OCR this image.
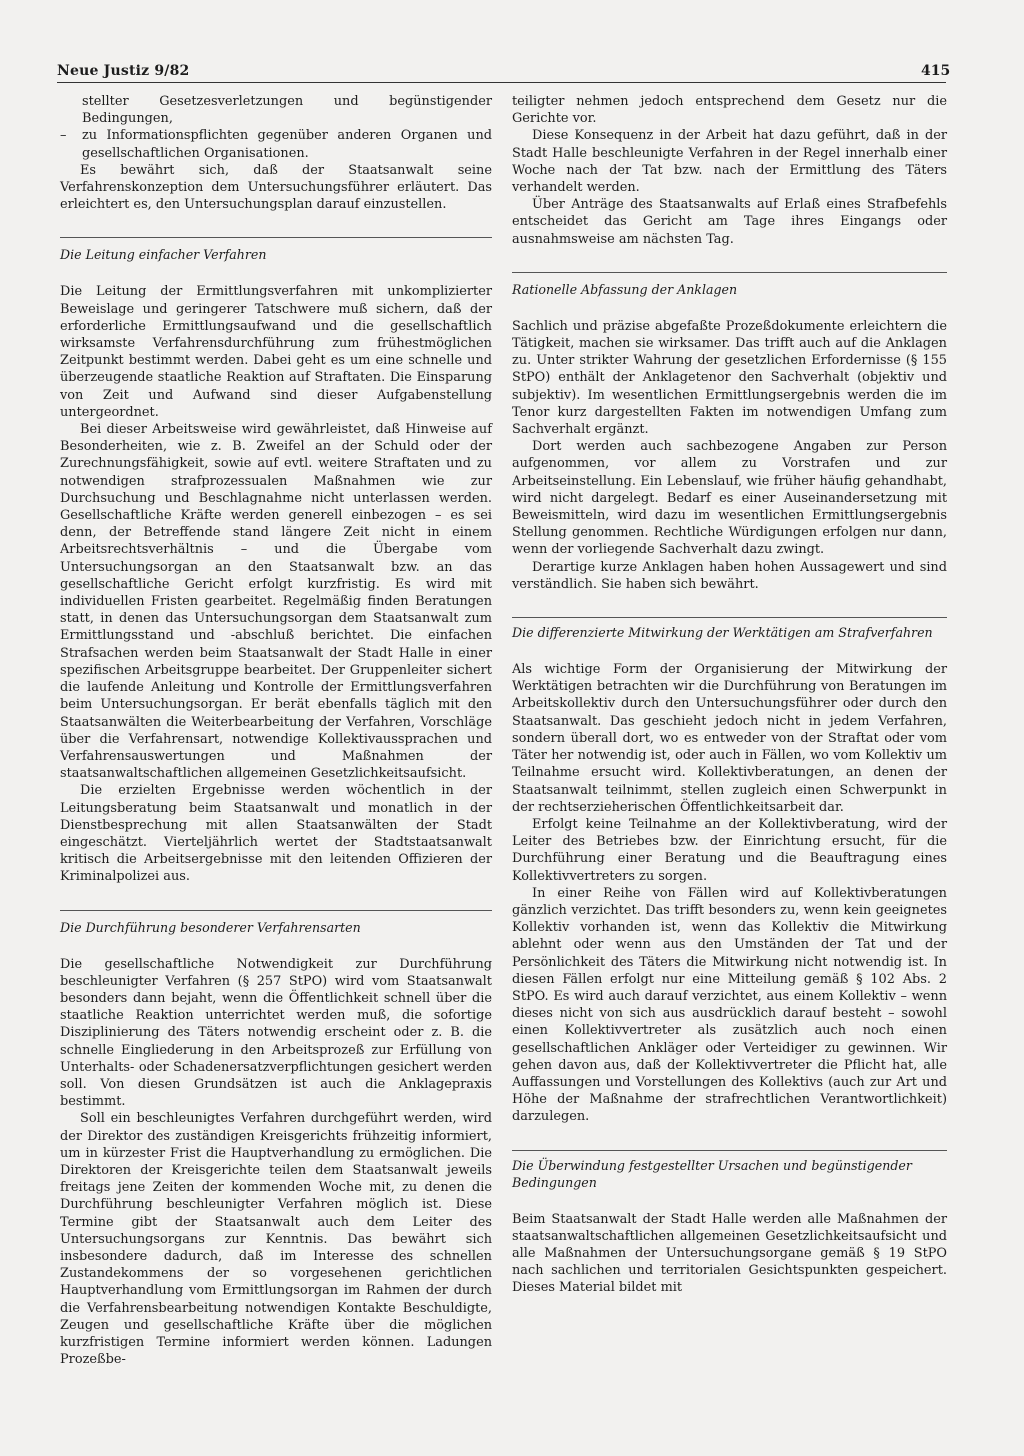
Neue Justiz 9/82	415

stellter Gesetzesverletzungen und begünstigender Bedingungen,

–	zu Informationspflichten gegenüber anderen Organen und gesellschaftlichen Organisationen.

Es bewährt sich, daß der Staatsanwalt seine Verfahrenskonzeption dem Untersuchungsführer erläutert. Das erleichtert es, den Untersuchungsplan darauf einzustellen.

Die Leitung einfacher Verfahren

Die Leitung der Ermittlungsverfahren mit unkomplizierter Beweislage und geringerer Tatschwere muß sichern, daß der erforderliche Ermittlungsaufwand und die gesellschaftlich wirksamste Verfahrensdurchführung zum frühestmöglichen Zeitpunkt bestimmt werden. Dabei geht es um eine schnelle und überzeugende staatliche Reaktion auf Straftaten. Die Einsparung von Zeit und Aufwand sind dieser Aufgabenstellung untergeordnet.

Bei dieser Arbeitsweise wird gewährleistet, daß Hinweise auf Besonderheiten, wie z. B. Zweifel an der Schuld oder der Zurechnungsfähigkeit, sowie auf evtl. weitere Straftaten und zu notwendigen strafprozessualen Maßnahmen wie zur Durchsuchung und Beschlagnahme nicht unterlassen werden. Gesellschaftliche Kräfte werden generell einbezogen – es sei denn, der Betreffende stand längere Zeit nicht in einem Arbeitsrechtsverhältnis – und die Übergabe vom Untersuchungsorgan an den Staatsanwalt bzw. an das gesellschaftliche Gericht erfolgt kurzfristig. Es wird mit individuellen Fristen gearbeitet. Regelmäßig finden Beratungen statt, in denen das Untersuchungsorgan dem Staatsanwalt zum Ermittlungsstand und -abschluß berichtet. Die einfachen Strafsachen werden beim Staatsanwalt der Stadt Halle in einer spezifischen Arbeitsgruppe bearbeitet. Der Gruppenleiter sichert die laufende Anleitung und Kontrolle der Ermittlungsverfahren beim Untersuchungsorgan. Er berät ebenfalls täglich mit den Staatsanwälten die Weiterbearbeitung der Verfahren, Vorschläge über die Verfahrensart, notwendige Kollektivaussprachen und Verfahrensauswertungen und Maßnahmen der staatsanwaltschaftlichen allgemeinen Gesetzlichkeitsaufsicht.

Die erzielten Ergebnisse werden wöchentlich in der Leitungsberatung beim Staatsanwalt und monatlich in der Dienstbesprechung mit allen Staatsanwälten der Stadt eingeschätzt. Vierteljährlich wertet der Stadtstaatsanwalt kritisch die Arbeitsergebnisse mit den leitenden Offizieren der Kriminalpolizei aus.

Die Durchführung besonderer Verfahrensarten

Die gesellschaftliche Notwendigkeit zur Durchführung beschleunigter Verfahren (§ 257 StPO) wird vom Staatsanwalt besonders dann bejaht, wenn die Öffentlichkeit schnell über die staatliche Reaktion unterrichtet werden muß, die sofortige Disziplinierung des Täters notwendig erscheint oder z. B. die schnelle Eingliederung in den Arbeitsprozeß zur Erfüllung von Unterhalts- oder Schadenersatzverpflichtungen gesichert werden soll. Von diesen Grundsätzen ist auch die Anklagepraxis bestimmt.

Soll ein beschleunigtes Verfahren durchgeführt werden, wird der Direktor des zuständigen Kreisgerichts frühzeitig informiert, um in kürzester Frist die Hauptverhandlung zu ermöglichen. Die Direktoren der Kreisgerichte teilen dem Staatsanwalt jeweils freitags jene Zeiten der kommenden Woche mit, zu denen die Durchführung beschleunigter Verfahren möglich ist. Diese Termine gibt der Staatsanwalt auch dem Leiter des Untersuchungsorgans zur Kenntnis. Das bewährt sich insbesondere dadurch, daß im Interesse des schnellen Zustandekommens der so vorgesehenen gerichtlichen Hauptverhandlung vom Ermittlungsorgan im Rahmen der durch die Verfahrensbearbeitung notwendigen Kontakte Beschuldigte, Zeugen und gesellschaftliche Kräfte über die möglichen kurzfristigen Termine informiert werden können. Ladungen Prozeßbe-

teiligter nehmen jedoch entsprechend dem Gesetz nur die Gerichte vor.

Diese Konsequenz in der Arbeit hat dazu geführt, daß in der Stadt Halle beschleunigte Verfahren in der Regel innerhalb einer Woche nach der Tat bzw. nach der Ermittlung des Täters verhandelt werden.

Über Anträge des Staatsanwalts auf Erlaß eines Strafbefehls entscheidet das Gericht am Tage ihres Eingangs oder ausnahmsweise am nächsten Tag.

Rationelle Abfassung der Anklagen

Sachlich und präzise abgefaßte Prozeßdokumente erleichtern die Tätigkeit, machen sie wirksamer. Das trifft auch auf die Anklagen zu. Unter strikter Wahrung der gesetzlichen Erfordernisse (§ 155 StPO) enthält der Anklagetenor den Sachverhalt (objektiv und subjektiv). Im wesentlichen Ermittlungsergebnis werden die im Tenor kurz dargestellten Fakten im notwendigen Umfang zum Sachverhalt ergänzt.

Dort werden auch sachbezogene Angaben zur Person aufgenommen, vor allem zu Vorstrafen und zur Arbeitseinstellung. Ein Lebenslauf, wie früher häufig gehandhabt, wird nicht dargelegt. Bedarf es einer Auseinandersetzung mit Beweismitteln, wird dazu im wesentlichen Ermittlungsergebnis Stellung genommen. Rechtliche Würdigungen erfolgen nur dann, wenn der vorliegende Sachverhalt dazu zwingt.

Derartige kurze Anklagen haben hohen Aussagewert und sind verständlich. Sie haben sich bewährt.

Die differenzierte Mitwirkung der Werktätigen am Strafverfahren

Als wichtige Form der Organisierung der Mitwirkung der Werktätigen betrachten wir die Durchführung von Beratungen im Arbeitskollektiv durch den Untersuchungsführer oder durch den Staatsanwalt. Das geschieht jedoch nicht in jedem Verfahren, sondern überall dort, wo es entweder von der Straftat oder vom Täter her notwendig ist, oder auch in Fällen, wo vom Kollektiv um Teilnahme ersucht wird. Kollektivberatungen, an denen der Staatsanwalt teilnimmt, stellen zugleich einen Schwerpunkt in der rechtserzieherischen Öffentlichkeitsarbeit dar.

Erfolgt keine Teilnahme an der Kollektivberatung, wird der Leiter des Betriebes bzw. der Einrichtung ersucht, für die Durchführung einer Beratung und die Beauftragung eines Kollektivvertreters zu sorgen.

In einer Reihe von Fällen wird auf Kollektivberatungen gänzlich verzichtet. Das trifft besonders zu, wenn kein geeignetes Kollektiv vorhanden ist, wenn das Kollektiv die Mitwirkung ablehnt oder wenn aus den Umständen der Tat und der Persönlichkeit des Täters die Mitwirkung nicht notwendig ist. In diesen Fällen erfolgt nur eine Mitteilung gemäß § 102 Abs. 2 StPO. Es wird auch darauf verzichtet, aus einem Kollektiv – wenn dieses nicht von sich aus ausdrücklich darauf besteht – sowohl einen Kollektivvertreter als zusätzlich auch noch einen gesellschaftlichen Ankläger oder Verteidiger zu gewinnen. Wir gehen davon aus, daß der Kollektivvertreter die Pflicht hat, alle Auffassungen und Vorstellungen des Kollektivs (auch zur Art und Höhe der Maßnahme der strafrechtlichen Verantwortlichkeit) darzulegen.

Die Überwindung festgestellter Ursachen und begünstigender Bedingungen

Beim Staatsanwalt der Stadt Halle werden alle Maßnahmen der staatsanwaltschaftlichen allgemeinen Gesetzlichkeitsaufsicht und alle Maßnahmen der Untersuchungsorgane gemäß § 19 StPO nach sachlichen und territorialen Gesichtspunkten gespeichert. Dieses Material bildet mit
